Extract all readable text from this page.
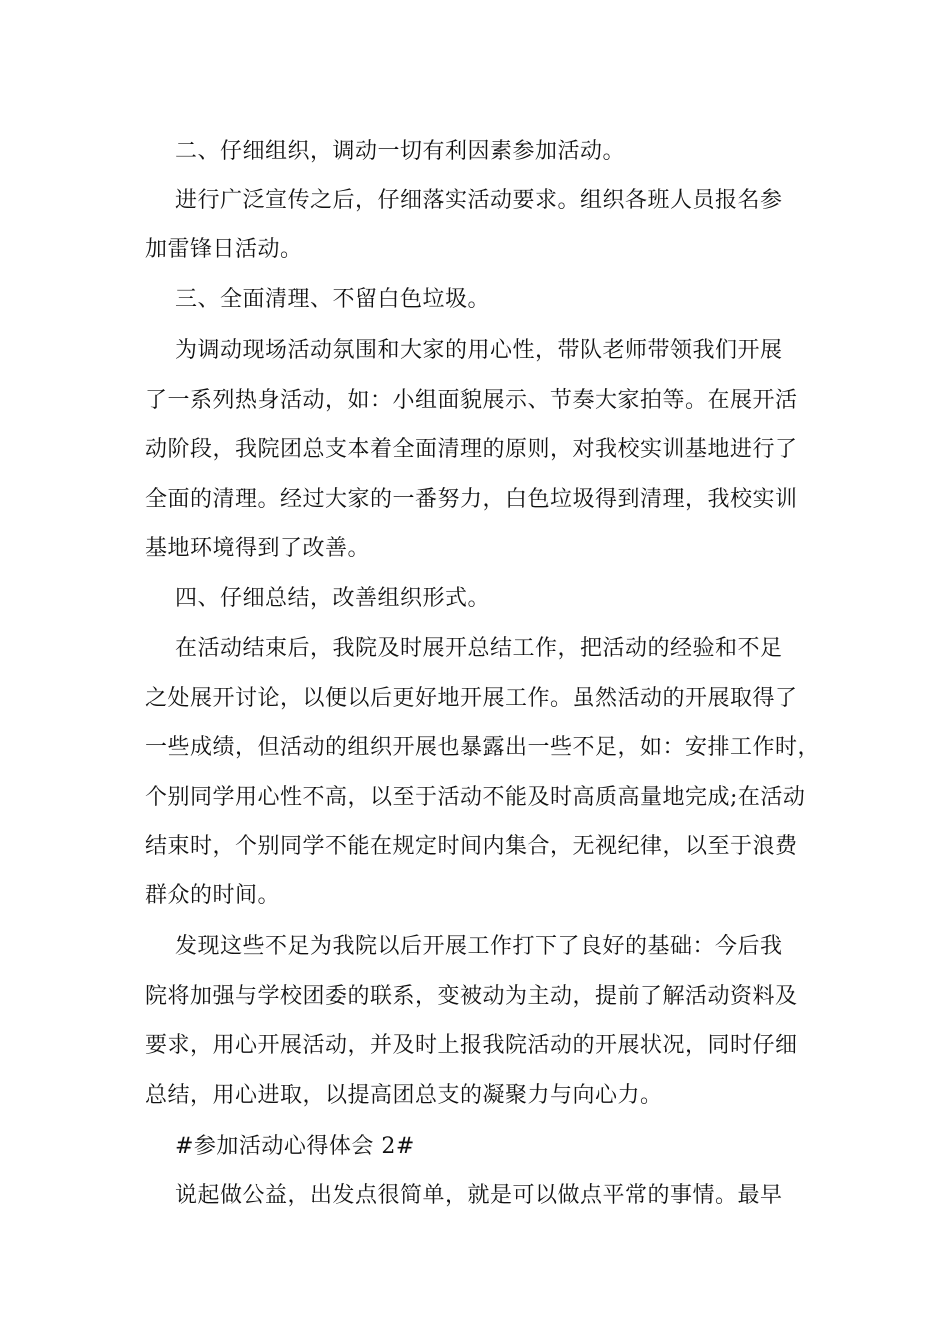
二、仔细组织，调动一切有利因素参加活动。
进行广泛宣传之后，仔细落实活动要求。组织各班人员报名参
加雷锋日活动。
三、全面清理、不留白色垃圾。
为调动现场活动氛围和大家的用心性，带队老师带领我们开展
了一系列热身活动，如：小组面貌展示、节奏大家拍等。在展开活
动阶段，我院团总支本着全面清理的原则，对我校实训基地进行了
全面的清理。经过大家的一番努力，白色垃圾得到清理，我校实训
基地环境得到了改善。
四、仔细总结，改善组织形式。
在活动结束后，我院及时展开总结工作，把活动的经验和不足
之处展开讨论，以便以后更好地开展工作。虽然活动的开展取得了
一些成绩，但活动的组织开展也暴露出一些不足，如：安排工作时，
个别同学用心性不高，以至于活动不能及时高质高量地完成;在活动
结束时，个别同学不能在规定时间内集合，无视纪律，以至于浪费
群众的时间。
发现这些不足为我院以后开展工作打下了良好的基础：今后我
院将加强与学校团委的联系，变被动为主动，提前了解活动资料及
要求，用心开展活动，并及时上报我院活动的开展状况，同时仔细
总结，用心进取，以提高团总支的凝聚力与向心力。
#参加活动心得体会 2#
说起做公益，出发点很简单，就是可以做点平常的事情。最早
